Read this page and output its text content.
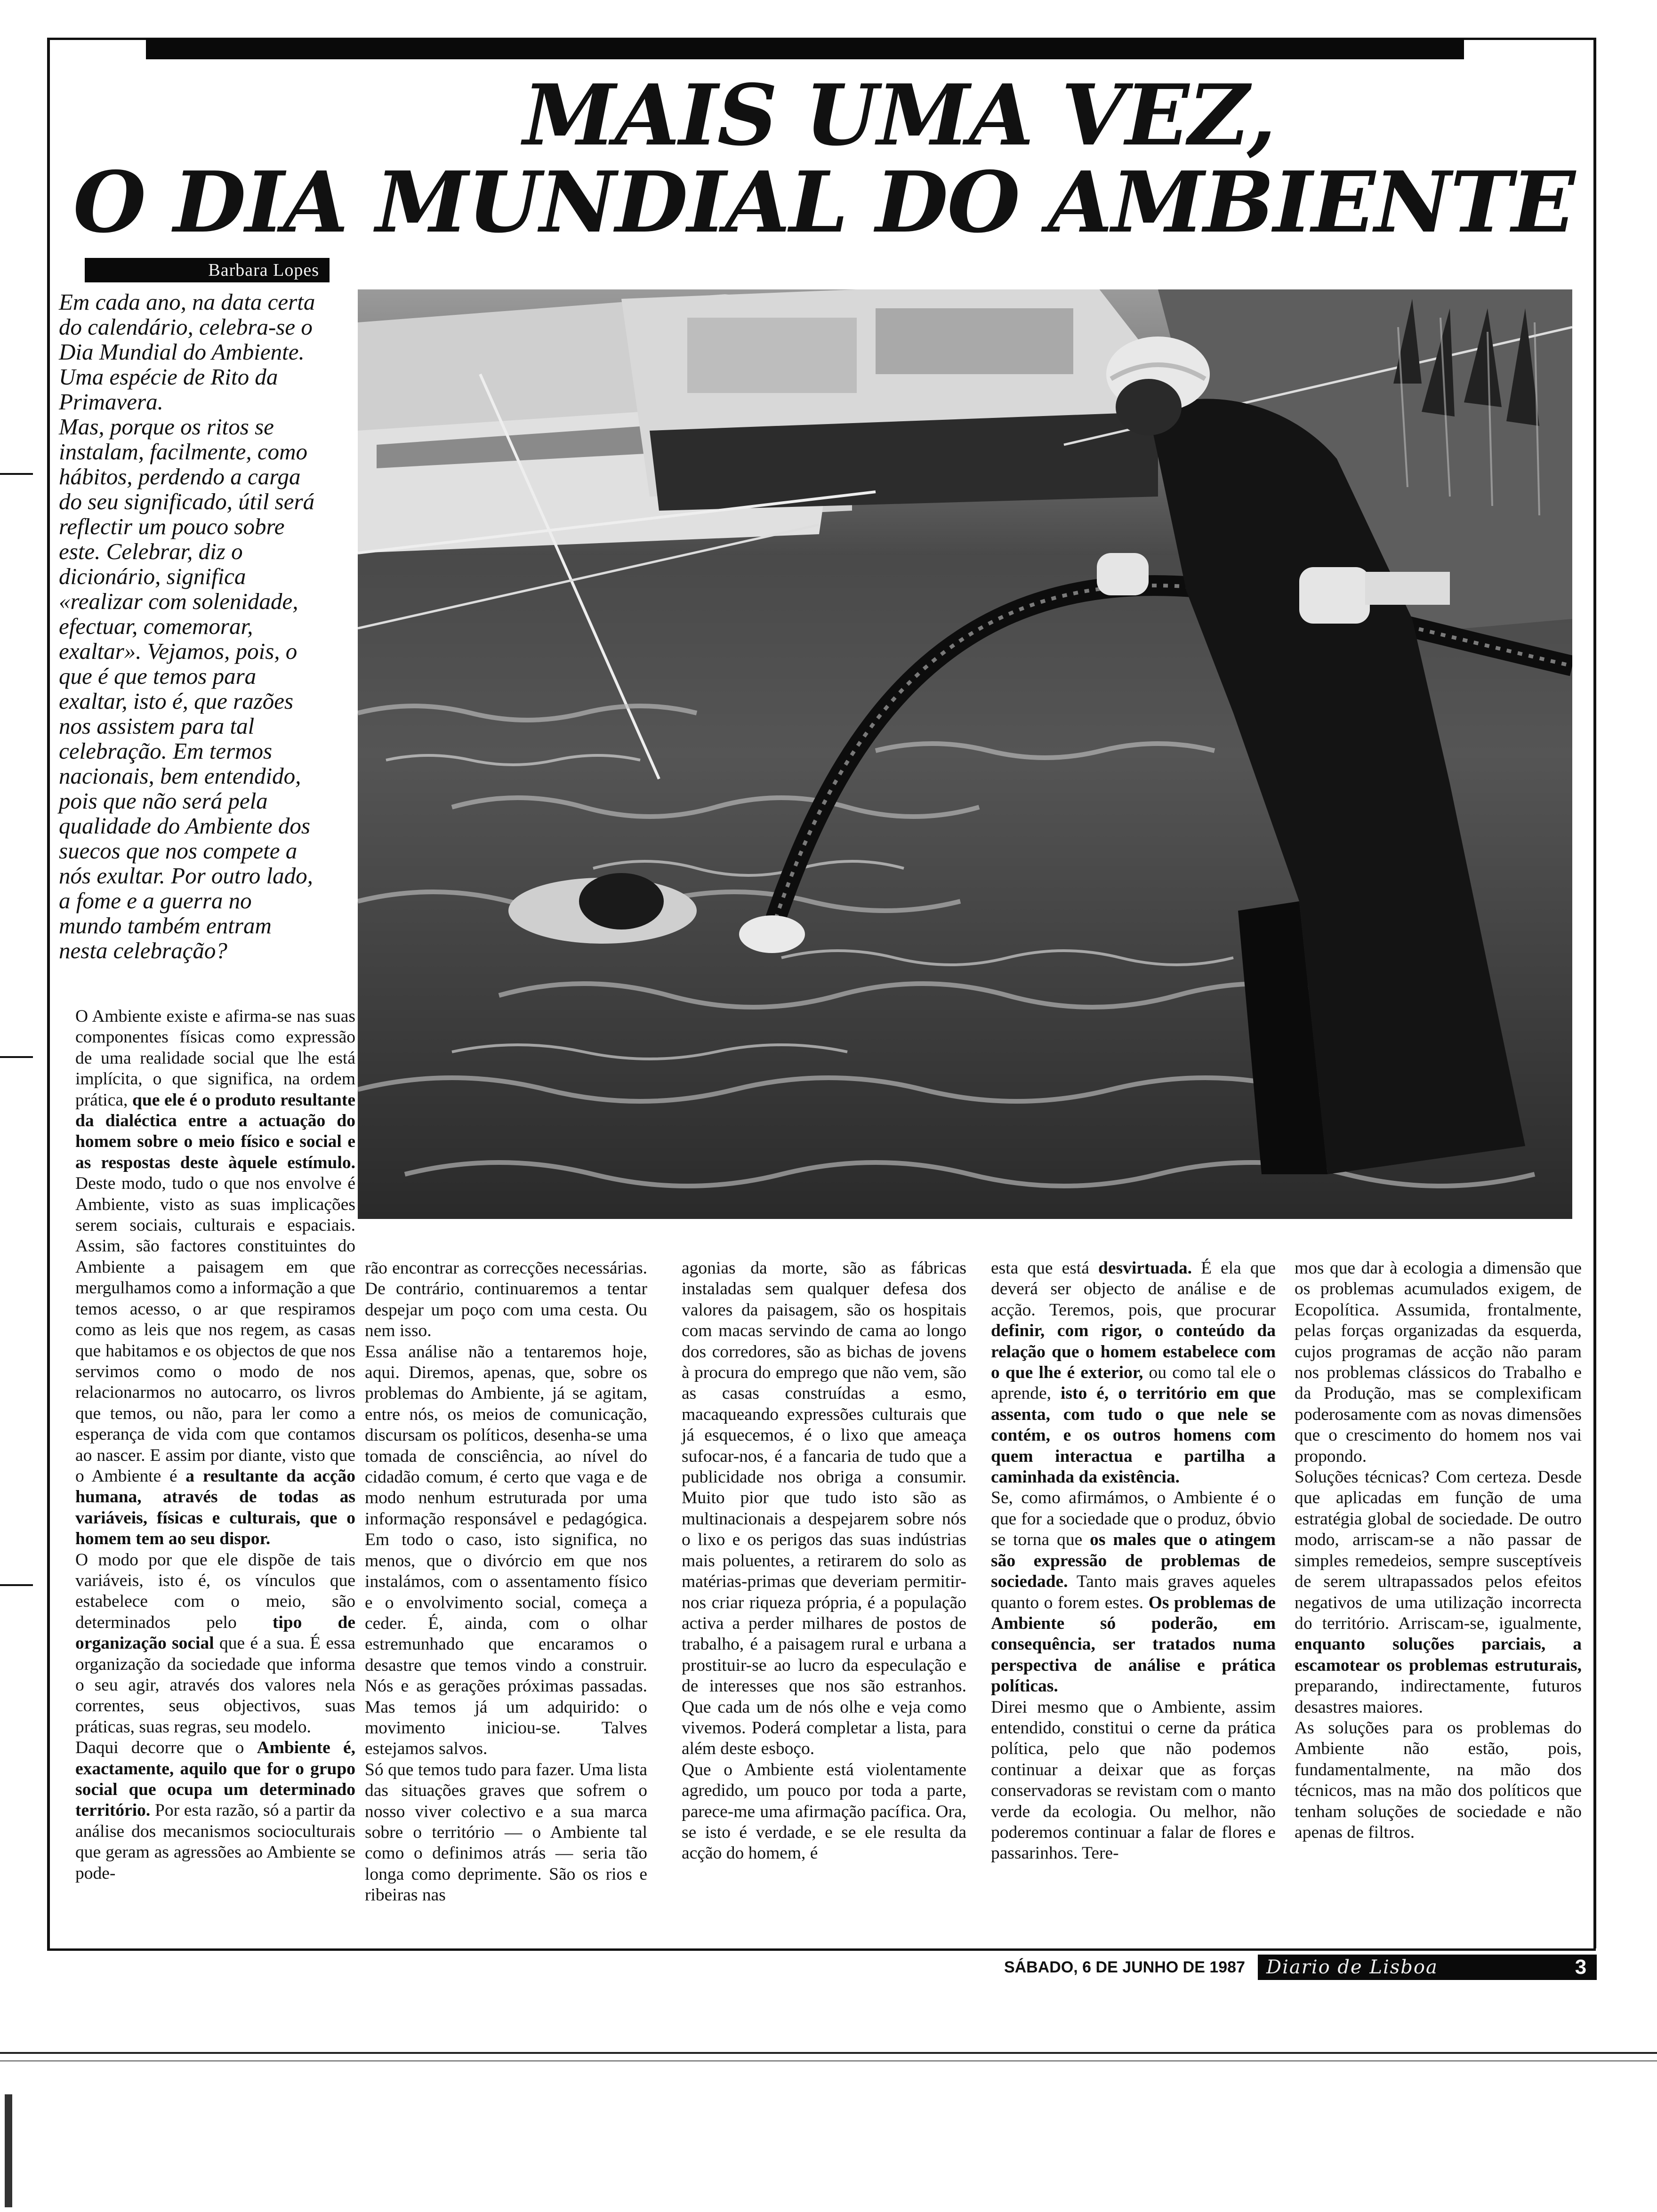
MAIS UMA VEZ,
O DIA MUNDIAL DO AMBIENTE
Barbara Lopes
Em cada ano, na data certa
do calendário, celebra-se o
Dia Mundial do Ambiente.
Uma espécie de Rito da
Primavera.
Mas, porque os ritos se
instalam, facilmente, como
hábitos, perdendo a carga
do seu significado, útil será
reflectir um pouco sobre
este. Celebrar, diz o
dicionário, significa
«realizar com solenidade,
efectuar, comemorar,
exaltar». Vejamos, pois, o
que é que temos para
exaltar, isto é, que razões
nos assistem para tal
celebração. Em termos
nacionais, bem entendido,
pois que não será pela
qualidade do Ambiente dos
suecos que nos compete a
nós exultar. Por outro lado,
a fome e a guerra no
mundo também entram
nesta celebração?
O Ambiente existe e afirma-se nas suas componentes físicas como expressão de uma realidade social que lhe está implícita, o que significa, na ordem prática, que ele é o produto resultante da dialéctica entre a actuação do homem sobre o meio físico e social e as respostas deste àquele estímulo. Deste modo, tudo o que nos envolve é Ambiente, visto as suas implicações serem sociais, culturais e espaciais. Assim, são factores constituintes do Ambiente a paisagem em que mergulhamos como a informação a que temos acesso, o ar que respiramos como as leis que nos regem, as casas que habitamos e os objectos de que nos servimos como o modo de nos relacionarmos no autocarro, os livros que temos, ou não, para ler como a esperança de vida com que contamos ao nascer. E assim por diante, visto que o Ambiente é a resultante da acção humana, através de todas as variáveis, físicas e culturais, que o homem tem ao seu dispor.
O modo por que ele dispõe de tais variáveis, isto é, os vínculos que estabelece com o meio, são determinados pelo tipo de organização social que é a sua. É essa organização da sociedade que informa o seu agir, através dos valores nela correntes, seus objectivos, suas práticas, suas regras, seu modelo.
Daqui decorre que o Ambiente é, exactamente, aquilo que for o grupo social que ocupa um determinado território. Por esta razão, só a partir da análise dos mecanismos socioculturais que geram as agressões ao Ambiente se pode-
rão encontrar as correcções necessárias. De contrário, continuaremos a tentar despejar um poço com uma cesta. Ou nem isso.
Essa análise não a tentaremos hoje, aqui. Diremos, apenas, que, sobre os problemas do Ambiente, já se agitam, entre nós, os meios de comunicação, discursam os políticos, desenha-se uma tomada de consciência, ao nível do cidadão comum, é certo que vaga e de modo nenhum estruturada por uma informação responsável e pedagógica. Em todo o caso, isto significa, no menos, que o divórcio em que nos instalámos, com o assentamento físico e o envolvimento social, começa a ceder. É, ainda, com o olhar estremunhado que encaramos o desastre que temos vindo a construir. Nós e as gerações próximas passadas. Mas temos já um adquirido: o movimento iniciou-se. Talves estejamos salvos.
Só que temos tudo para fazer. Uma lista das situações graves que sofrem o nosso viver colectivo e a sua marca sobre o território — o Ambiente tal como o definimos atrás — seria tão longa como deprimente. São os rios e ribeiras nas
agonias da morte, são as fábricas instaladas sem qualquer defesa dos valores da paisagem, são os hospitais com macas servindo de cama ao longo dos corredores, são as bichas de jovens à procura do emprego que não vem, são as casas construídas a esmo, macaqueando expressões culturais que já esquecemos, é o lixo que ameaça sufocar-nos, é a fancaria de tudo que a publicidade nos obriga a consumir. Muito pior que tudo isto são as multinacionais a despejarem sobre nós o lixo e os perigos das suas indústrias mais poluentes, a retirarem do solo as matérias-primas que deveriam permitir-nos criar riqueza própria, é a população activa a perder milhares de postos de trabalho, é a paisagem rural e urbana a prostituir-se ao lucro da especulação e de interesses que nos são estranhos. Que cada um de nós olhe e veja como vivemos. Poderá completar a lista, para além deste esboço.
Que o Ambiente está violentamente agredido, um pouco por toda a parte, parece-me uma afirmação pacífica. Ora, se isto é verdade, e se ele resulta da acção do homem, é
esta que está desvirtuada. É ela que deverá ser objecto de análise e de acção. Teremos, pois, que procurar definir, com rigor, o conteúdo da relação que o homem estabelece com o que lhe é exterior, ou como tal ele o aprende, isto é, o território em que assenta, com tudo o que nele se contém, e os outros homens com quem interactua e partilha a caminhada da existência.
Se, como afirmámos, o Ambiente é o que for a sociedade que o produz, óbvio se torna que os males que o atingem são expressão de problemas de sociedade. Tanto mais graves aqueles quanto o forem estes. Os problemas de Ambiente só poderão, em consequência, ser tratados numa perspectiva de análise e prática políticas.
Direi mesmo que o Ambiente, assim entendido, constitui o cerne da prática política, pelo que não podemos continuar a deixar que as forças conservadoras se revistam com o manto verde da ecologia. Ou melhor, não poderemos continuar a falar de flores e passarinhos. Tere-
mos que dar à ecologia a dimensão que os problemas acumulados exigem, de Ecopolítica. Assumida, frontalmente, pelas forças organizadas da esquerda, cujos programas de acção não param nos problemas clássicos do Trabalho e da Produção, mas se complexificam poderosamente com as novas dimensões que o crescimento do homem nos vai propondo.
Soluções técnicas? Com certeza. Desde que aplicadas em função de uma estratégia global de sociedade. De outro modo, arriscam-se a não passar de simples remedeios, sempre susceptíveis de serem ultrapassados pelos efeitos negativos de uma utilização incorrecta do território. Arriscam-se, igualmente, enquanto soluções parciais, a escamotear os problemas estruturais, preparando, indirectamente, futuros desastres maiores.
As soluções para os problemas do Ambiente não estão, pois, fundamentalmente, na mão dos técnicos, mas na mão dos políticos que tenham soluções de sociedade e não apenas de filtros.
SÁBADO, 6 DE JUNHO DE 1987 Diario de Lisboa	3
